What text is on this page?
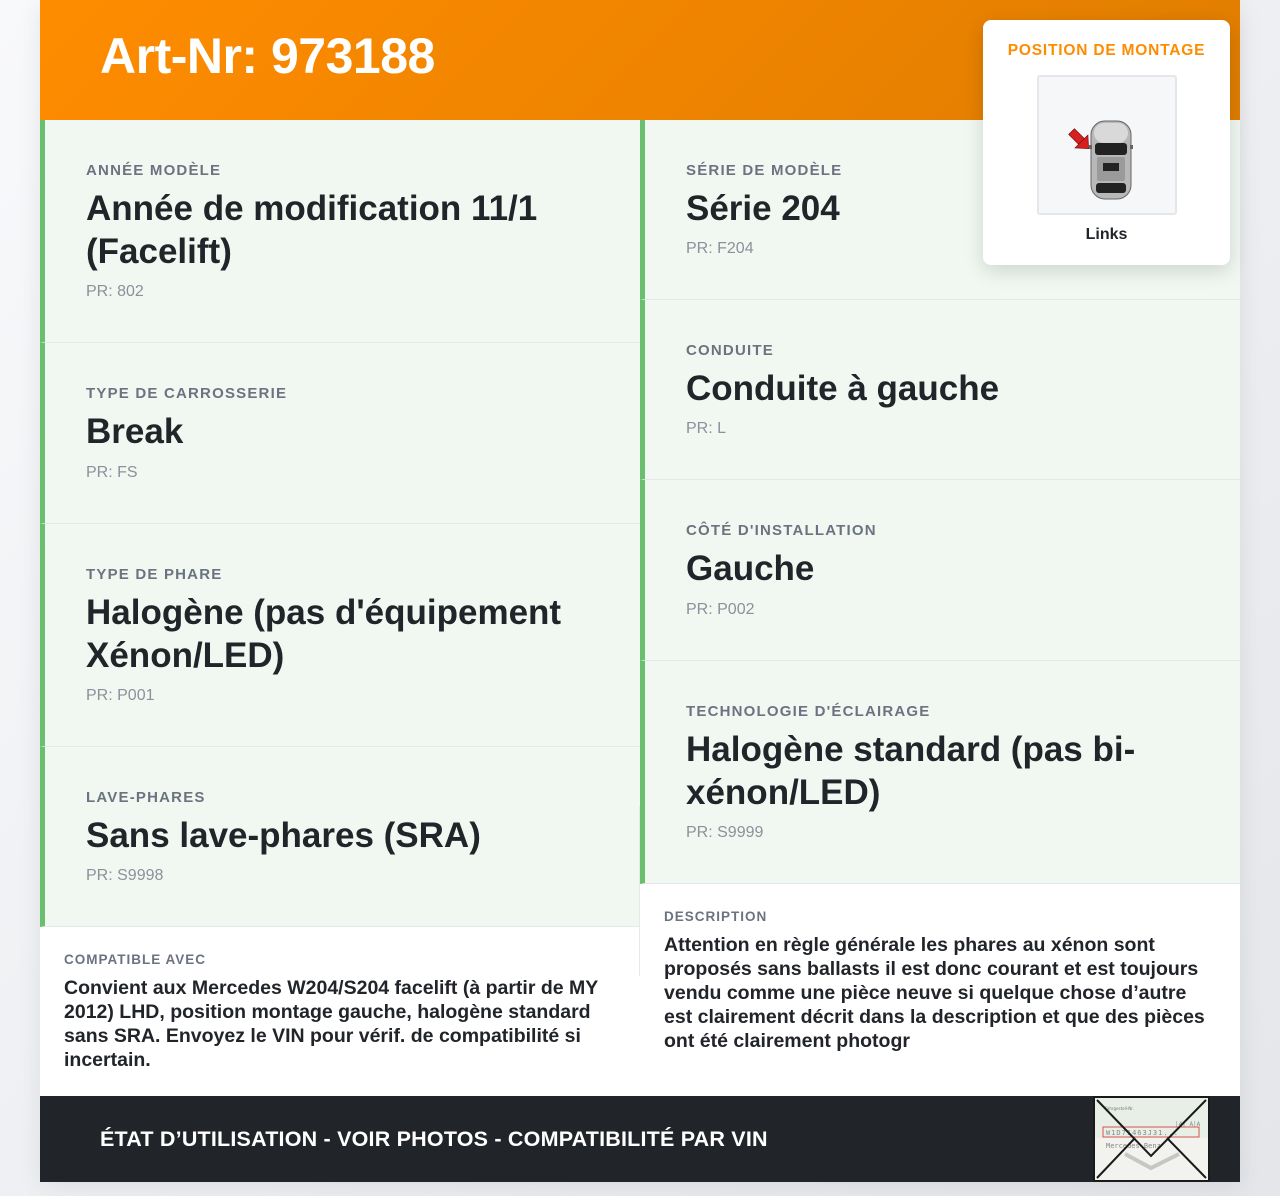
Art-Nr: 973188
ANNÉE MODÈLE
Année de modification 11/1 (Facelift)
PR: 802
TYPE DE CARROSSERIE
Break
PR: FS
TYPE DE PHARE
Halogène (pas d'équipement Xénon/LED)
PR: P001
LAVE-PHARES
Sans lave-phares (SRA)
PR: S9998
SÉRIE DE MODÈLE
Série 204
PR: F204
CONDUITE
Conduite à gauche
PR: L
CÔTÉ D'INSTALLATION
Gauche
PR: P002
TECHNOLOGIE D'ÉCLAIRAGE
Halogène standard (pas bi-xénon/LED)
PR: S9999
COMPATIBLE AVEC
Convient aux Mercedes W204/S204 facelift (à partir de MY 2012) LHD, position montage gauche, halogène standard sans SRA. Envoyez le VIN pour vérif. de compatibilité si incertain.
DESCRIPTION
Attention en règle générale les phares au xénon sont proposés sans ballasts il est donc courant et est toujours vendu comme une pièce neuve si quelque chose d’autre est clairement décrit dans la description et que des pièces ont été clairement photogr
ÉTAT D’UTILISATION - VOIR PHOTOS - COMPATIBILITÉ PAR VIN
Fahrgestell-Nr.
|4| A|A
W1D71463J31...
Mercedes-Benz
POSITION DE MONTAGE
Links
